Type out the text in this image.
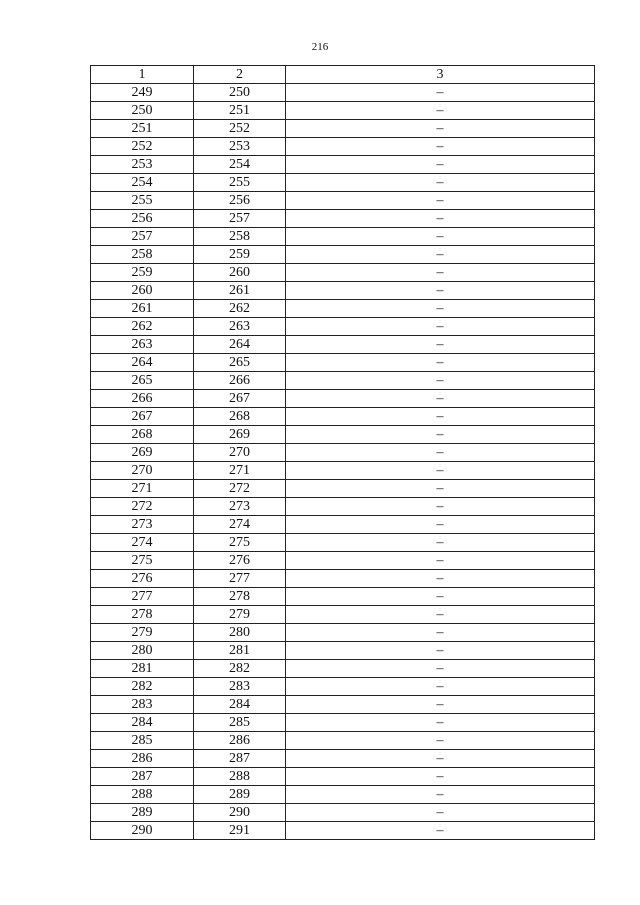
216
1	2	3
249	250	–
250	251	–
251	252	–
252	253	–
253	254	–
254	255	–
255	256	–
256	257	–
257	258	–
258	259	–
259	260	–
260	261	–
261	262	–
262	263	–
263	264	–
264	265	–
265	266	–
266	267	–
267	268	–
268	269	–
269	270	–
270	271	–
271	272	–
272	273	–
273	274	–
274	275	–
275	276	–
276	277	–
277	278	–
278	279	–
279	280	–
280	281	–
281	282	–
282	283	–
283	284	–
284	285	–
285	286	–
286	287	–
287	288	–
288	289	–
289	290	–
290	291	–
